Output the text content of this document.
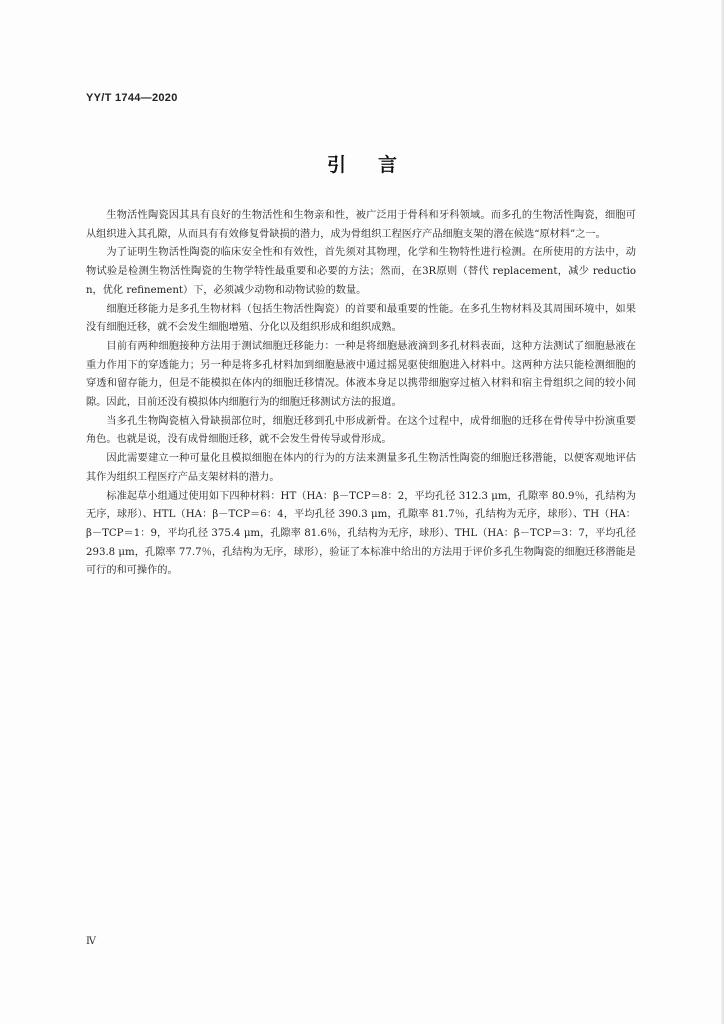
YY/T 1744—2020
引言

生物活性陶瓷因其具有良好的生物活性和生物亲和性，被广泛用于骨科和牙科领域。而多孔的生物活性陶瓷，细胞可从组织进入其孔隙，从而具有有效修复骨缺损的潜力，成为骨组织工程医疗产品细胞支架的潜在候选“原材料”之一。

为了证明生物活性陶瓷的临床安全性和有效性，首先须对其物理，化学和生物特性进行检测。在所使用的方法中，动物试验是检测生物活性陶瓷的生物学特性最重要和必要的方法；然而，在3R原则（替代 replacement，减少 reduction，优化 refinement）下，必须减少动物和动物试验的数量。

细胞迁移能力是多孔生物材料（包括生物活性陶瓷）的首要和最重要的性能。在多孔生物材料及其周围环境中，如果没有细胞迁移，就不会发生细胞增殖、分化以及组织形成和组织成熟。

目前有两种细胞接种方法用于测试细胞迁移能力：一种是将细胞悬液滴到多孔材料表面，这种方法测试了细胞悬液在重力作用下的穿透能力；另一种是将多孔材料加到细胞悬液中通过摇晃驱使细胞进入材料中。这两种方法只能检测细胞的穿透和留存能力，但是不能模拟在体内的细胞迁移情况。体液本身足以携带细胞穿过植入材料和宿主骨组织之间的较小间隙。因此，目前还没有模拟体内细胞行为的细胞迁移测试方法的报道。

当多孔生物陶瓷植入骨缺损部位时，细胞迁移到孔中形成新骨。在这个过程中，成骨细胞的迁移在骨传导中扮演重要角色。也就是说，没有成骨细胞迁移，就不会发生骨传导或骨形成。

因此需要建立一种可量化且模拟细胞在体内的行为的方法来测量多孔生物活性陶瓷的细胞迁移潜能，以便客观地评估其作为组织工程医疗产品支架材料的潜力。

标准起草小组通过使用如下四种材料：HT（HA：β－TCP＝8：2，平均孔径 312.3 μm，孔隙率 80.9％，孔结构为无序，球形）、HTL（HA：β－TCP＝6：4，平均孔径 390.3 μm，孔隙率 81.7％，孔结构为无序，球形）、TH（HA：β－TCP＝1：9，平均孔径 375.4 μm，孔隙率 81.6％，孔结构为无序，球形）、THL（HA：β－TCP＝3：7，平均孔径 293.8 μm，孔隙率 77.7％，孔结构为无序，球形），验证了本标准中给出的方法用于评价多孔生物陶瓷的细胞迁移潜能是可行的和可操作的。

Ⅳ
